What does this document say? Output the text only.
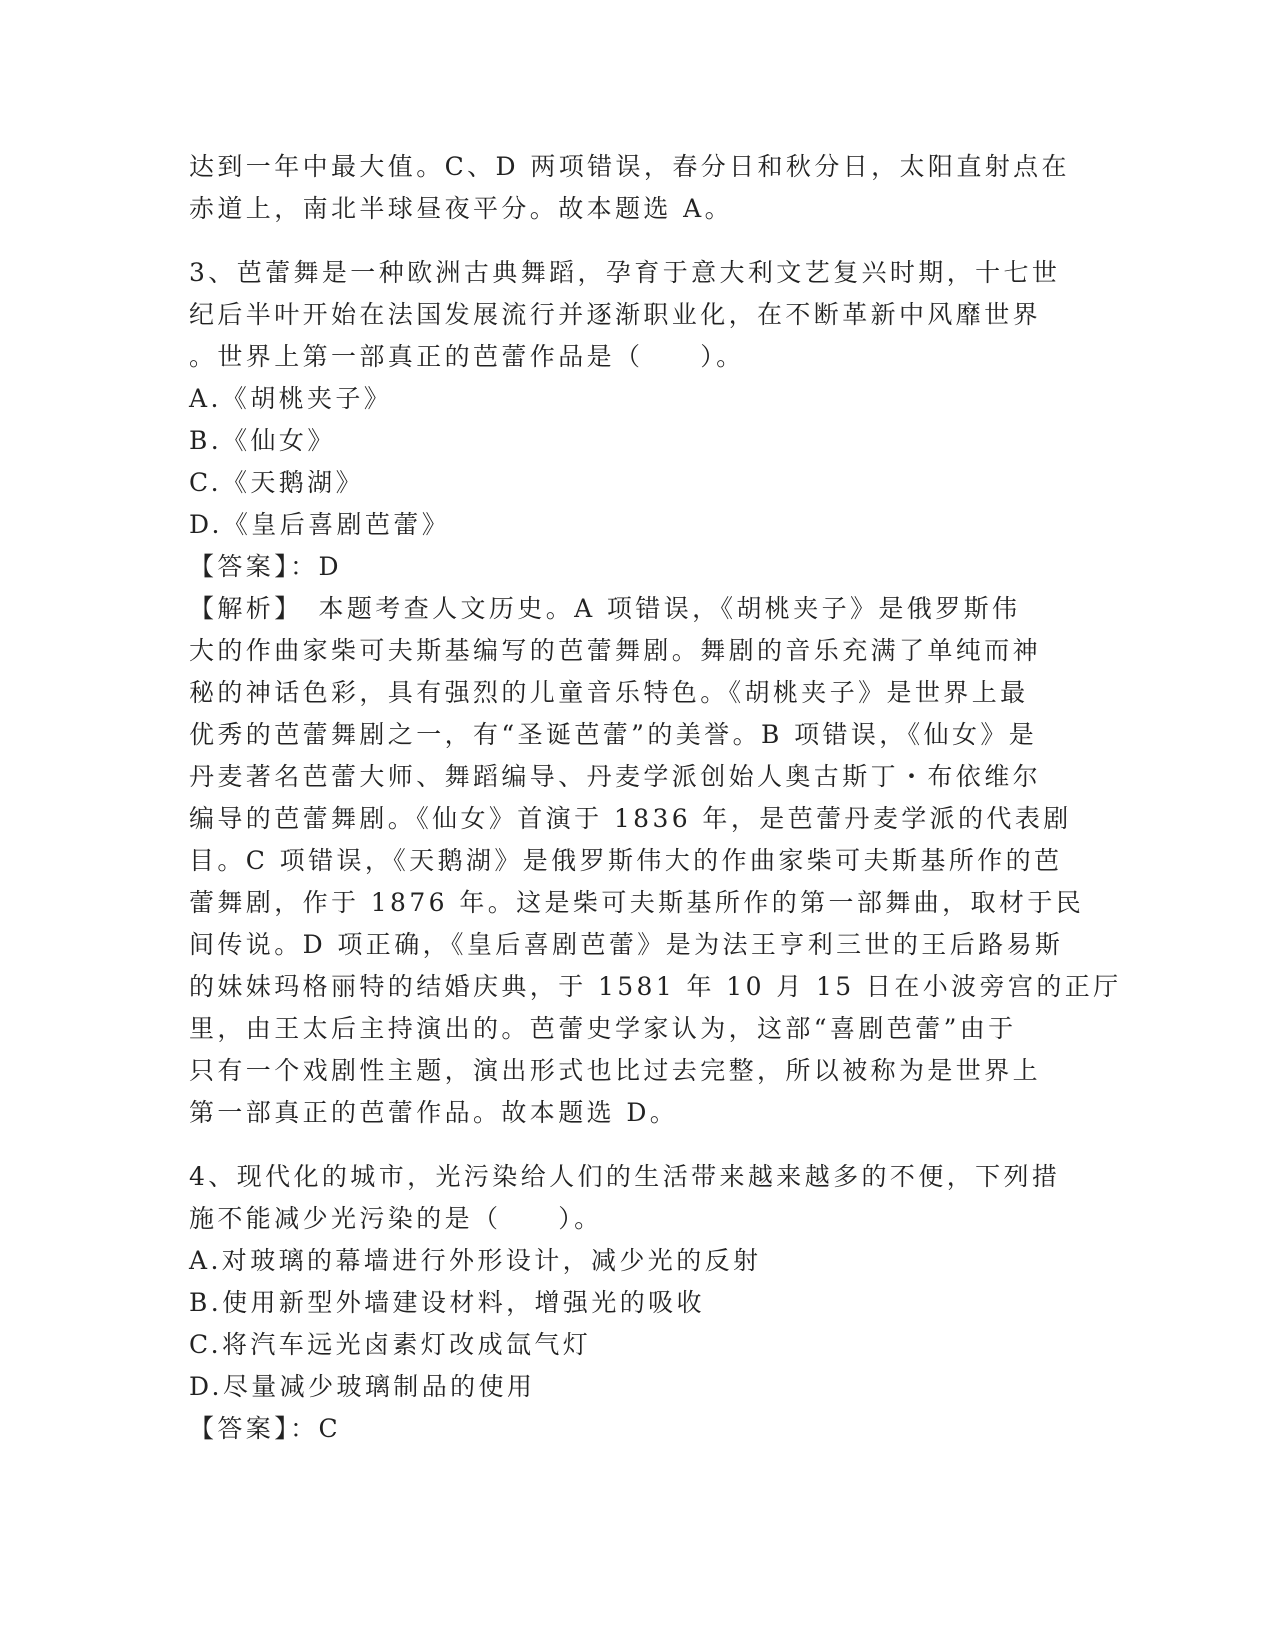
达到一年中最大值。C、D 两项错误，春分日和秋分日，太阳直射点在
赤道上，南北半球昼夜平分。故本题选 A。
3、芭蕾舞是一种欧洲古典舞蹈，孕育于意大利文艺复兴时期，十七世
纪后半叶开始在法国发展流行并逐渐职业化，在不断革新中风靡世界
。世界上第一部真正的芭蕾作品是（　　）。
A.《胡桃夹子》
B.《仙女》
C.《天鹅湖》
D.《皇后喜剧芭蕾》
【答案】：D
【解析】　本题考查人文历史。A 项错误，《胡桃夹子》是俄罗斯伟
大的作曲家柴可夫斯基编写的芭蕾舞剧。舞剧的音乐充满了单纯而神
秘的神话色彩，具有强烈的儿童音乐特色。《胡桃夹子》是世界上最
优秀的芭蕾舞剧之一，有“圣诞芭蕾”的美誉。B 项错误，《仙女》是
丹麦著名芭蕾大师、舞蹈编导、丹麦学派创始人奥古斯丁・布依维尔
编导的芭蕾舞剧。《仙女》首演于 1836 年，是芭蕾丹麦学派的代表剧
目。C 项错误，《天鹅湖》是俄罗斯伟大的作曲家柴可夫斯基所作的芭
蕾舞剧，作于 1876 年。这是柴可夫斯基所作的第一部舞曲，取材于民
间传说。D 项正确，《皇后喜剧芭蕾》是为法王亨利三世的王后路易斯
的妹妹玛格丽特的结婚庆典，于 1581 年 10 月 15 日在小波旁宫的正厅
里，由王太后主持演出的。芭蕾史学家认为，这部“喜剧芭蕾”由于
只有一个戏剧性主题，演出形式也比过去完整，所以被称为是世界上
第一部真正的芭蕾作品。故本题选 D。
4、现代化的城市，光污染给人们的生活带来越来越多的不便，下列措
施不能减少光污染的是（　　）。
A.对玻璃的幕墙进行外形设计，减少光的反射
B.使用新型外墙建设材料，增强光的吸收
C.将汽车远光卤素灯改成氙气灯
D.尽量减少玻璃制品的使用
【答案】：C
